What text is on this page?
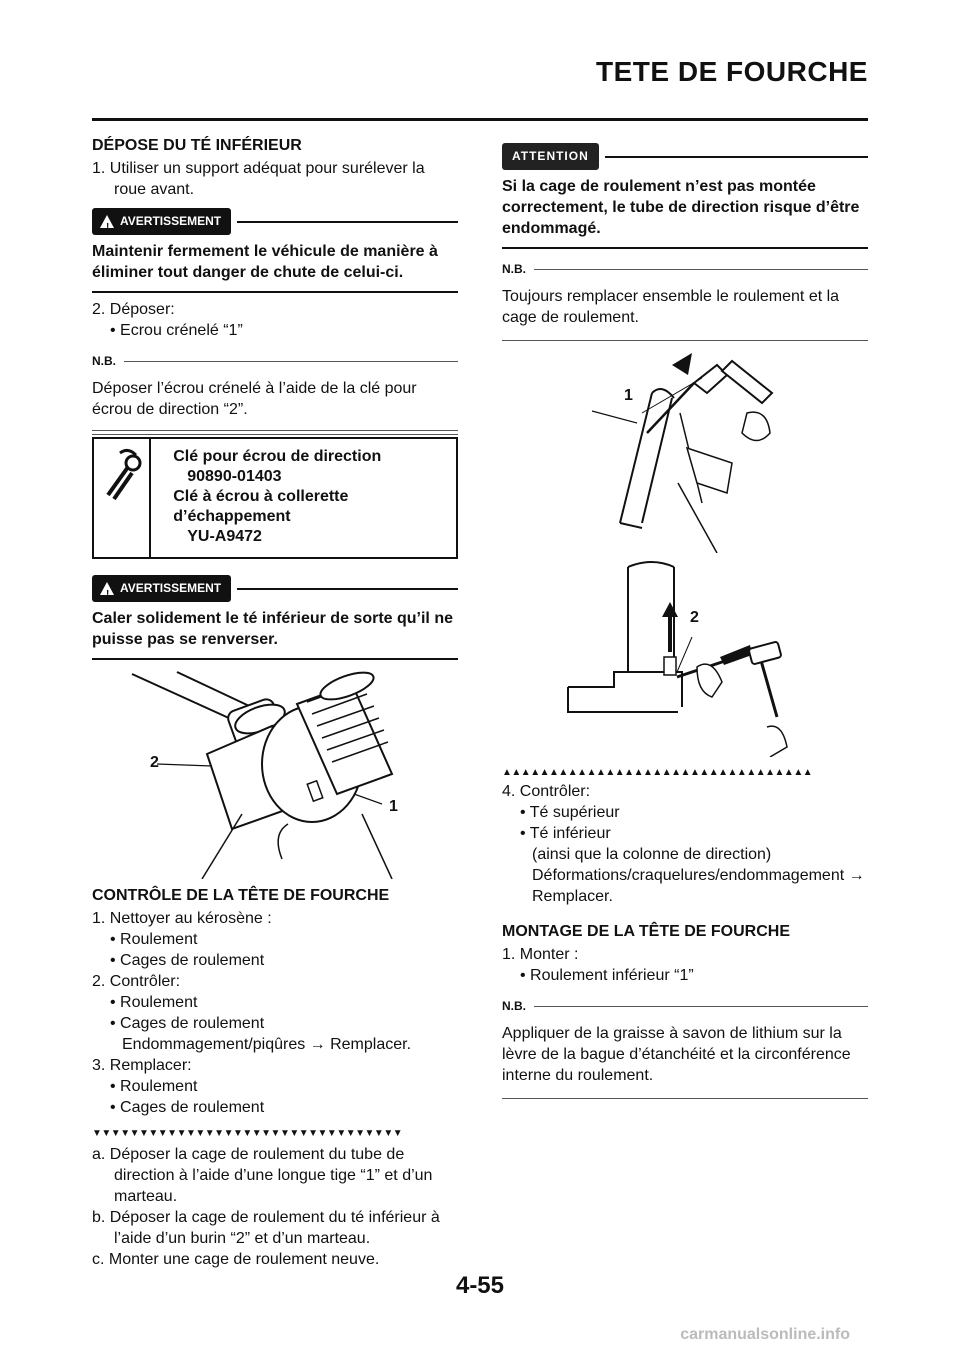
TETE DE FOURCHE

DÉPOSE DU TÉ INFÉRIEUR

1. Utiliser un support adéquat pour surélever la roue avant.

! AVERTISSEMENT

Maintenir fermement le véhicule de manière à éliminer tout danger de chute de celui-ci.

2. Déposer:

• Ecrou crénelé “1”

N.B.

Déposer l’écrou crénelé à l’aide de la clé pour écrou de direction “2”.

Clé pour écrou de direction
90890-01403
Clé à écrou à collerette d’échappement
YU-A9472
! AVERTISSEMENT

Caler solidement le té inférieur de sorte qu’il ne puisse pas se renverser.

2
1

CONTRÔLE DE LA TÊTE DE FOURCHE

1. Nettoyer au kérosène :

• Roulement

• Cages de roulement

2. Contrôler:

• Roulement

• Cages de roulement

Endommagement/piqûres → Remplacer.

3. Remplacer:

• Roulement

• Cages de roulement

▼▼▼▼▼▼▼▼▼▼▼▼▼▼▼▼▼▼▼▼▼▼▼▼▼▼▼▼▼▼▼▼▼

a. Déposer la cage de roulement du tube de direction à l’aide d’une longue tige “1” et d’un marteau.

b. Déposer la cage de roulement du té inférieur à l’aide d’un burin “2” et d’un marteau.

c. Monter une cage de roulement neuve.

ATTENTION

Si la cage de roulement n’est pas montée correctement, le tube de direction risque d’être endommagé.

N.B.

Toujours remplacer ensemble le roulement et la cage de roulement.

1
2
▲▲▲▲▲▲▲▲▲▲▲▲▲▲▲▲▲▲▲▲▲▲▲▲▲▲▲▲▲▲▲▲▲

4. Contrôler:

• Té supérieur

• Té inférieur

(ainsi que la colonne de direction) Déformations/craquelures/endommagement → Remplacer.

MONTAGE DE LA TÊTE DE FOURCHE

1. Monter :

• Roulement inférieur “1”

N.B.

Appliquer de la graisse à savon de lithium sur la lèvre de la bague d’étanchéité et la circonférence interne du roulement.

4-55
carmanualsonline.info
